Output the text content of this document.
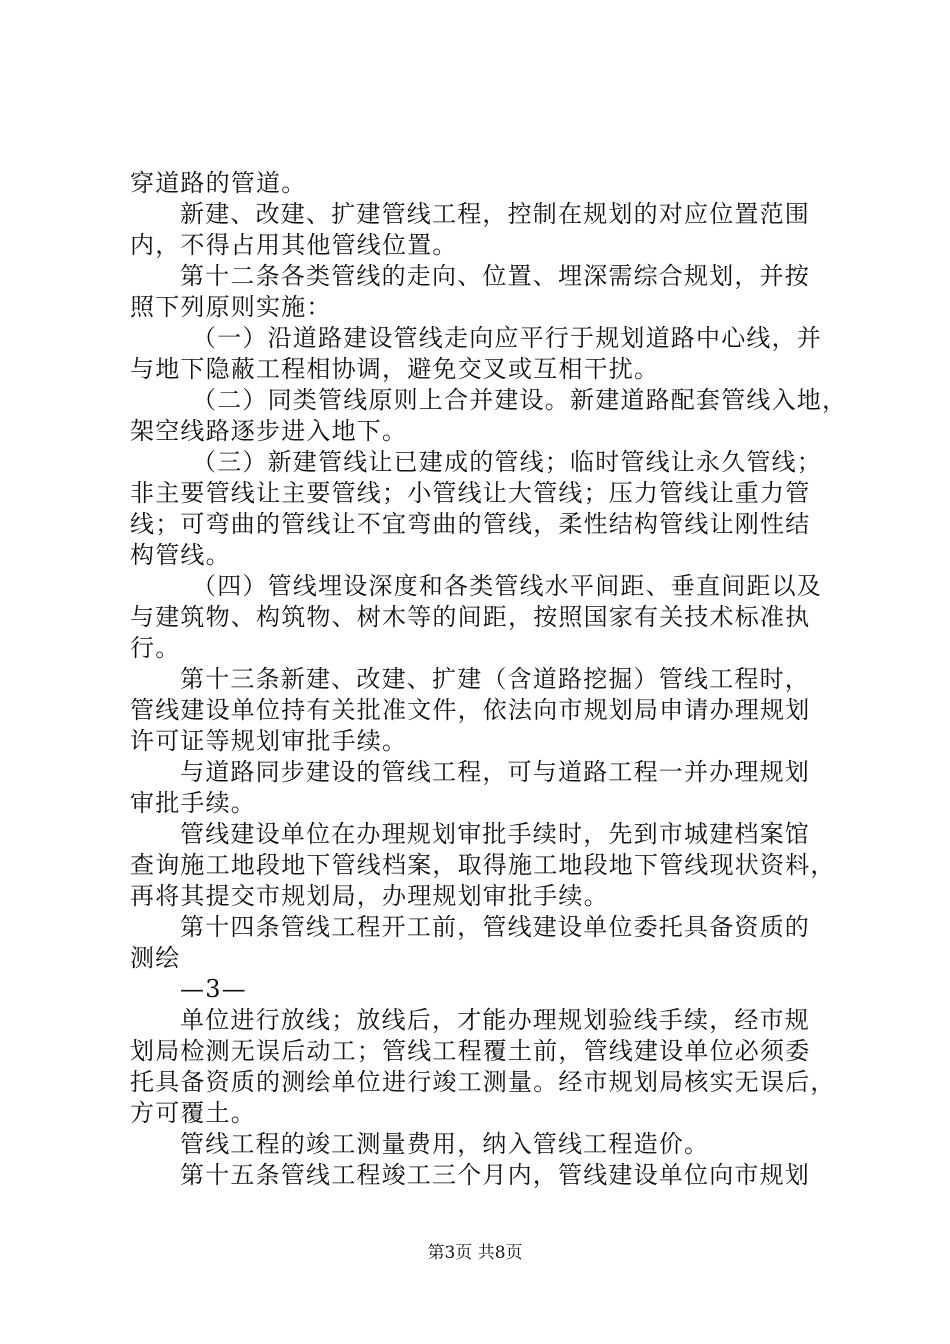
穿道路的管道。
新建、改建、扩建管线工程，控制在规划的对应位置范围
内，不得占用其他管线位置。
第十二条各类管线的走向、位置、埋深需综合规划，并按
照下列原则实施：
（一）沿道路建设管线走向应平行于规划道路中心线，并
与地下隐蔽工程相协调，避免交叉或互相干扰。
（二）同类管线原则上合并建设。新建道路配套管线入地，
架空线路逐步进入地下。
（三）新建管线让已建成的管线；临时管线让永久管线；
非主要管线让主要管线；小管线让大管线；压力管线让重力管
线；可弯曲的管线让不宜弯曲的管线，柔性结构管线让刚性结
构管线。
（四）管线埋设深度和各类管线水平间距、垂直间距以及
与建筑物、构筑物、树木等的间距，按照国家有关技术标准执
行。
第十三条新建、改建、扩建（含道路挖掘）管线工程时，
管线建设单位持有关批准文件，依法向市规划局申请办理规划
许可证等规划审批手续。
与道路同步建设的管线工程，可与道路工程一并办理规划
审批手续。
管线建设单位在办理规划审批手续时，先到市城建档案馆
查询施工地段地下管线档案，取得施工地段地下管线现状资料，
再将其提交市规划局，办理规划审批手续。
第十四条管线工程开工前，管线建设单位委托具备资质的
测绘
—3—
单位进行放线；放线后，才能办理规划验线手续，经市规
划局检测无误后动工；管线工程覆土前，管线建设单位必须委
托具备资质的测绘单位进行竣工测量。经市规划局核实无误后，
方可覆土。
管线工程的竣工测量费用，纳入管线工程造价。
第十五条管线工程竣工三个月内，管线建设单位向市规划
第3页 共8页
